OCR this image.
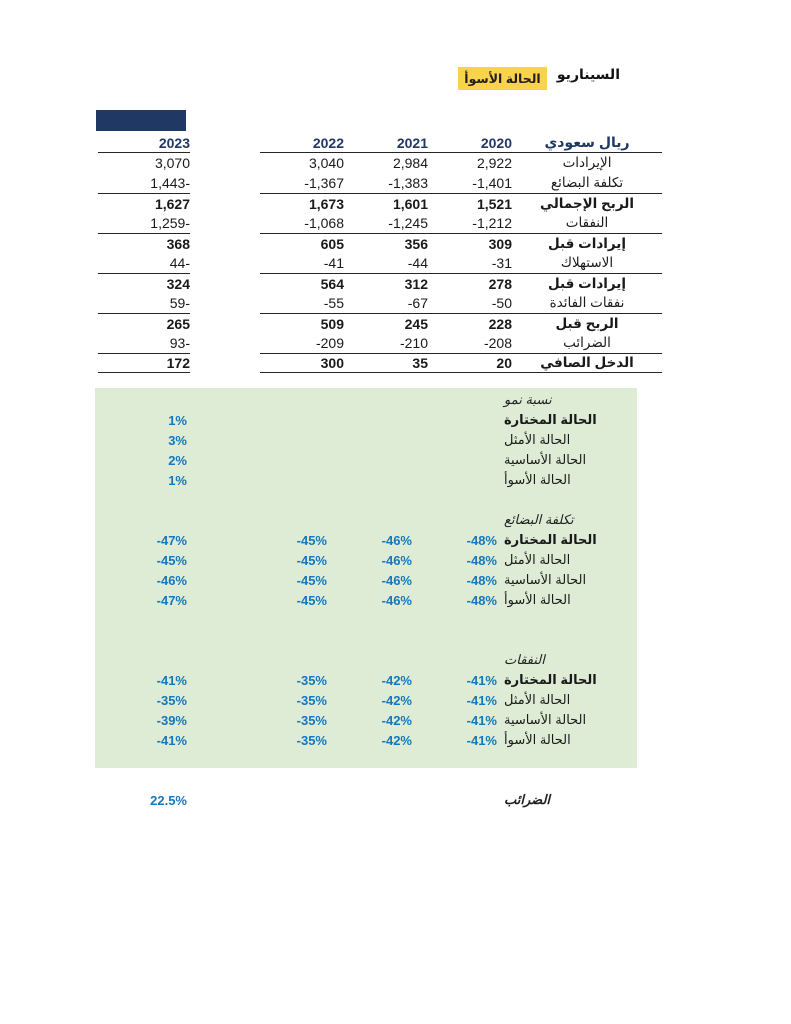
السيناريو
الحالة الأسوأ
ريال سعودي
2020
2021
2022
2023
الإيرادات
2,922
2,984
3,040
3,070
تكلفة البضائع
-1,401
-1,383
-1,367
1,443-
الربح الإجمالي
1,521
1,601
1,673
1,627
النفقات
-1,212
-1,245
-1,068
1,259-
إيرادات قبل
309
356
605
368
الاستهلاك
-31
-44
-41
44-
إيرادات قبل
278
312
564
324
نفقات الفائدة
-50
-67
-55
59-
الربح قبل
228
245
509
265
الضرائب
-208
-210
-209
93-
الدخل الصافي
20
35
300
172
نسبة نمو
الحالة المختارة
1%
الحالة الأمثل
3%
الحالة الأساسية
2%
الحالة الأسوأ
1%
تكلفة البضائع
الحالة المختارة
-48%
-46%
-45%
-47%
الحالة الأمثل
-48%
-46%
-45%
-45%
الحالة الأساسية
-48%
-46%
-45%
-46%
الحالة الأسوأ
-48%
-46%
-45%
-47%
النفقات
الحالة المختارة
-41%
-42%
-35%
-41%
الحالة الأمثل
-41%
-42%
-35%
-35%
الحالة الأساسية
-41%
-42%
-35%
-39%
الحالة الأسوأ
-41%
-42%
-35%
-41%
الضرائب
22.5%
